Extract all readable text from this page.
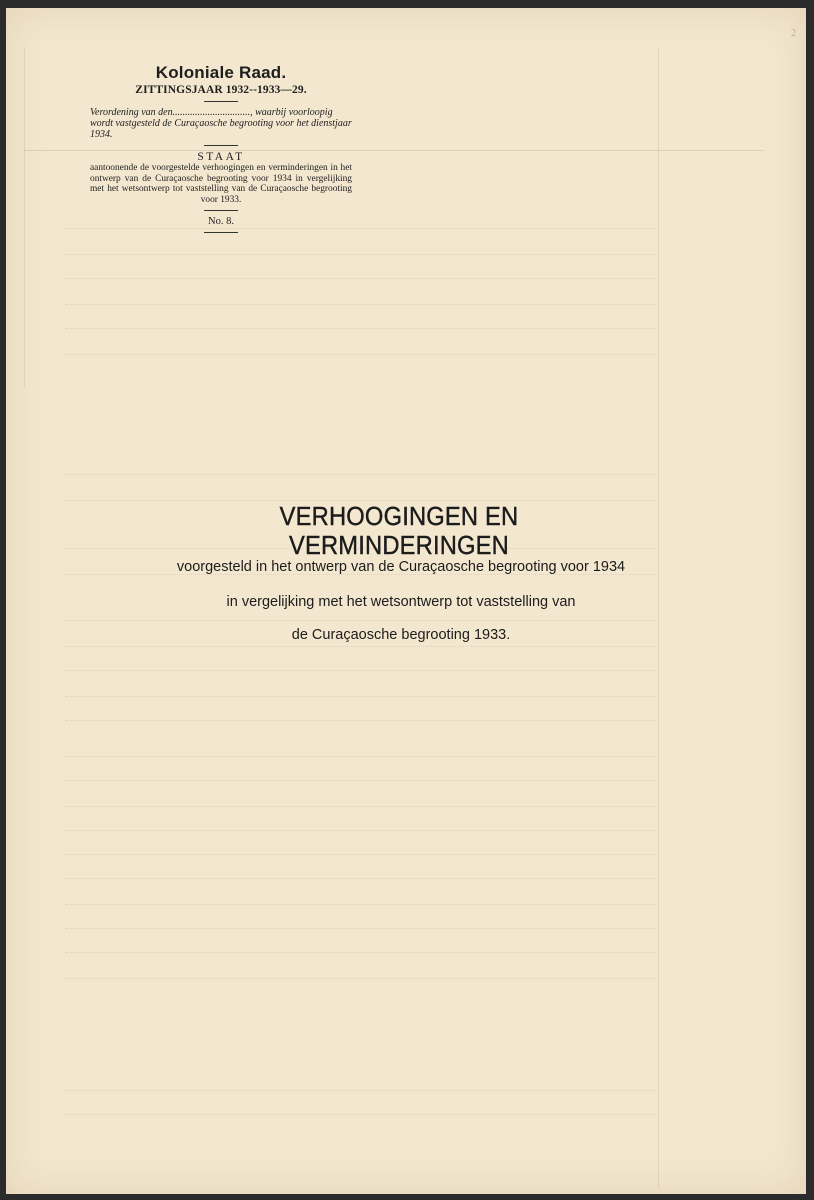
2

Koloniale Raad.

ZITTINGSJAAR 1932--1933—29.

Verordening van den..............................., waarbij voorloopig wordt vastgesteld de Curaçaosche begrooting voor het dienstjaar 1934.

STAAT

aantoonende de voorgestelde verhoogingen en verminderingen in het ontwerp van de Curaçaosche begrooting voor 1934 in vergelijking met het wetsontwerp tot vaststelling van de Curaçaosche begrooting voor 1933.

No. 8.

VERHOOGINGEN EN VERMINDERINGEN

voorgesteld in het ontwerp van de Curaçaosche begrooting voor 1934

in vergelijking met het wetsontwerp tot vaststelling van

de Curaçaosche begrooting 1933.
